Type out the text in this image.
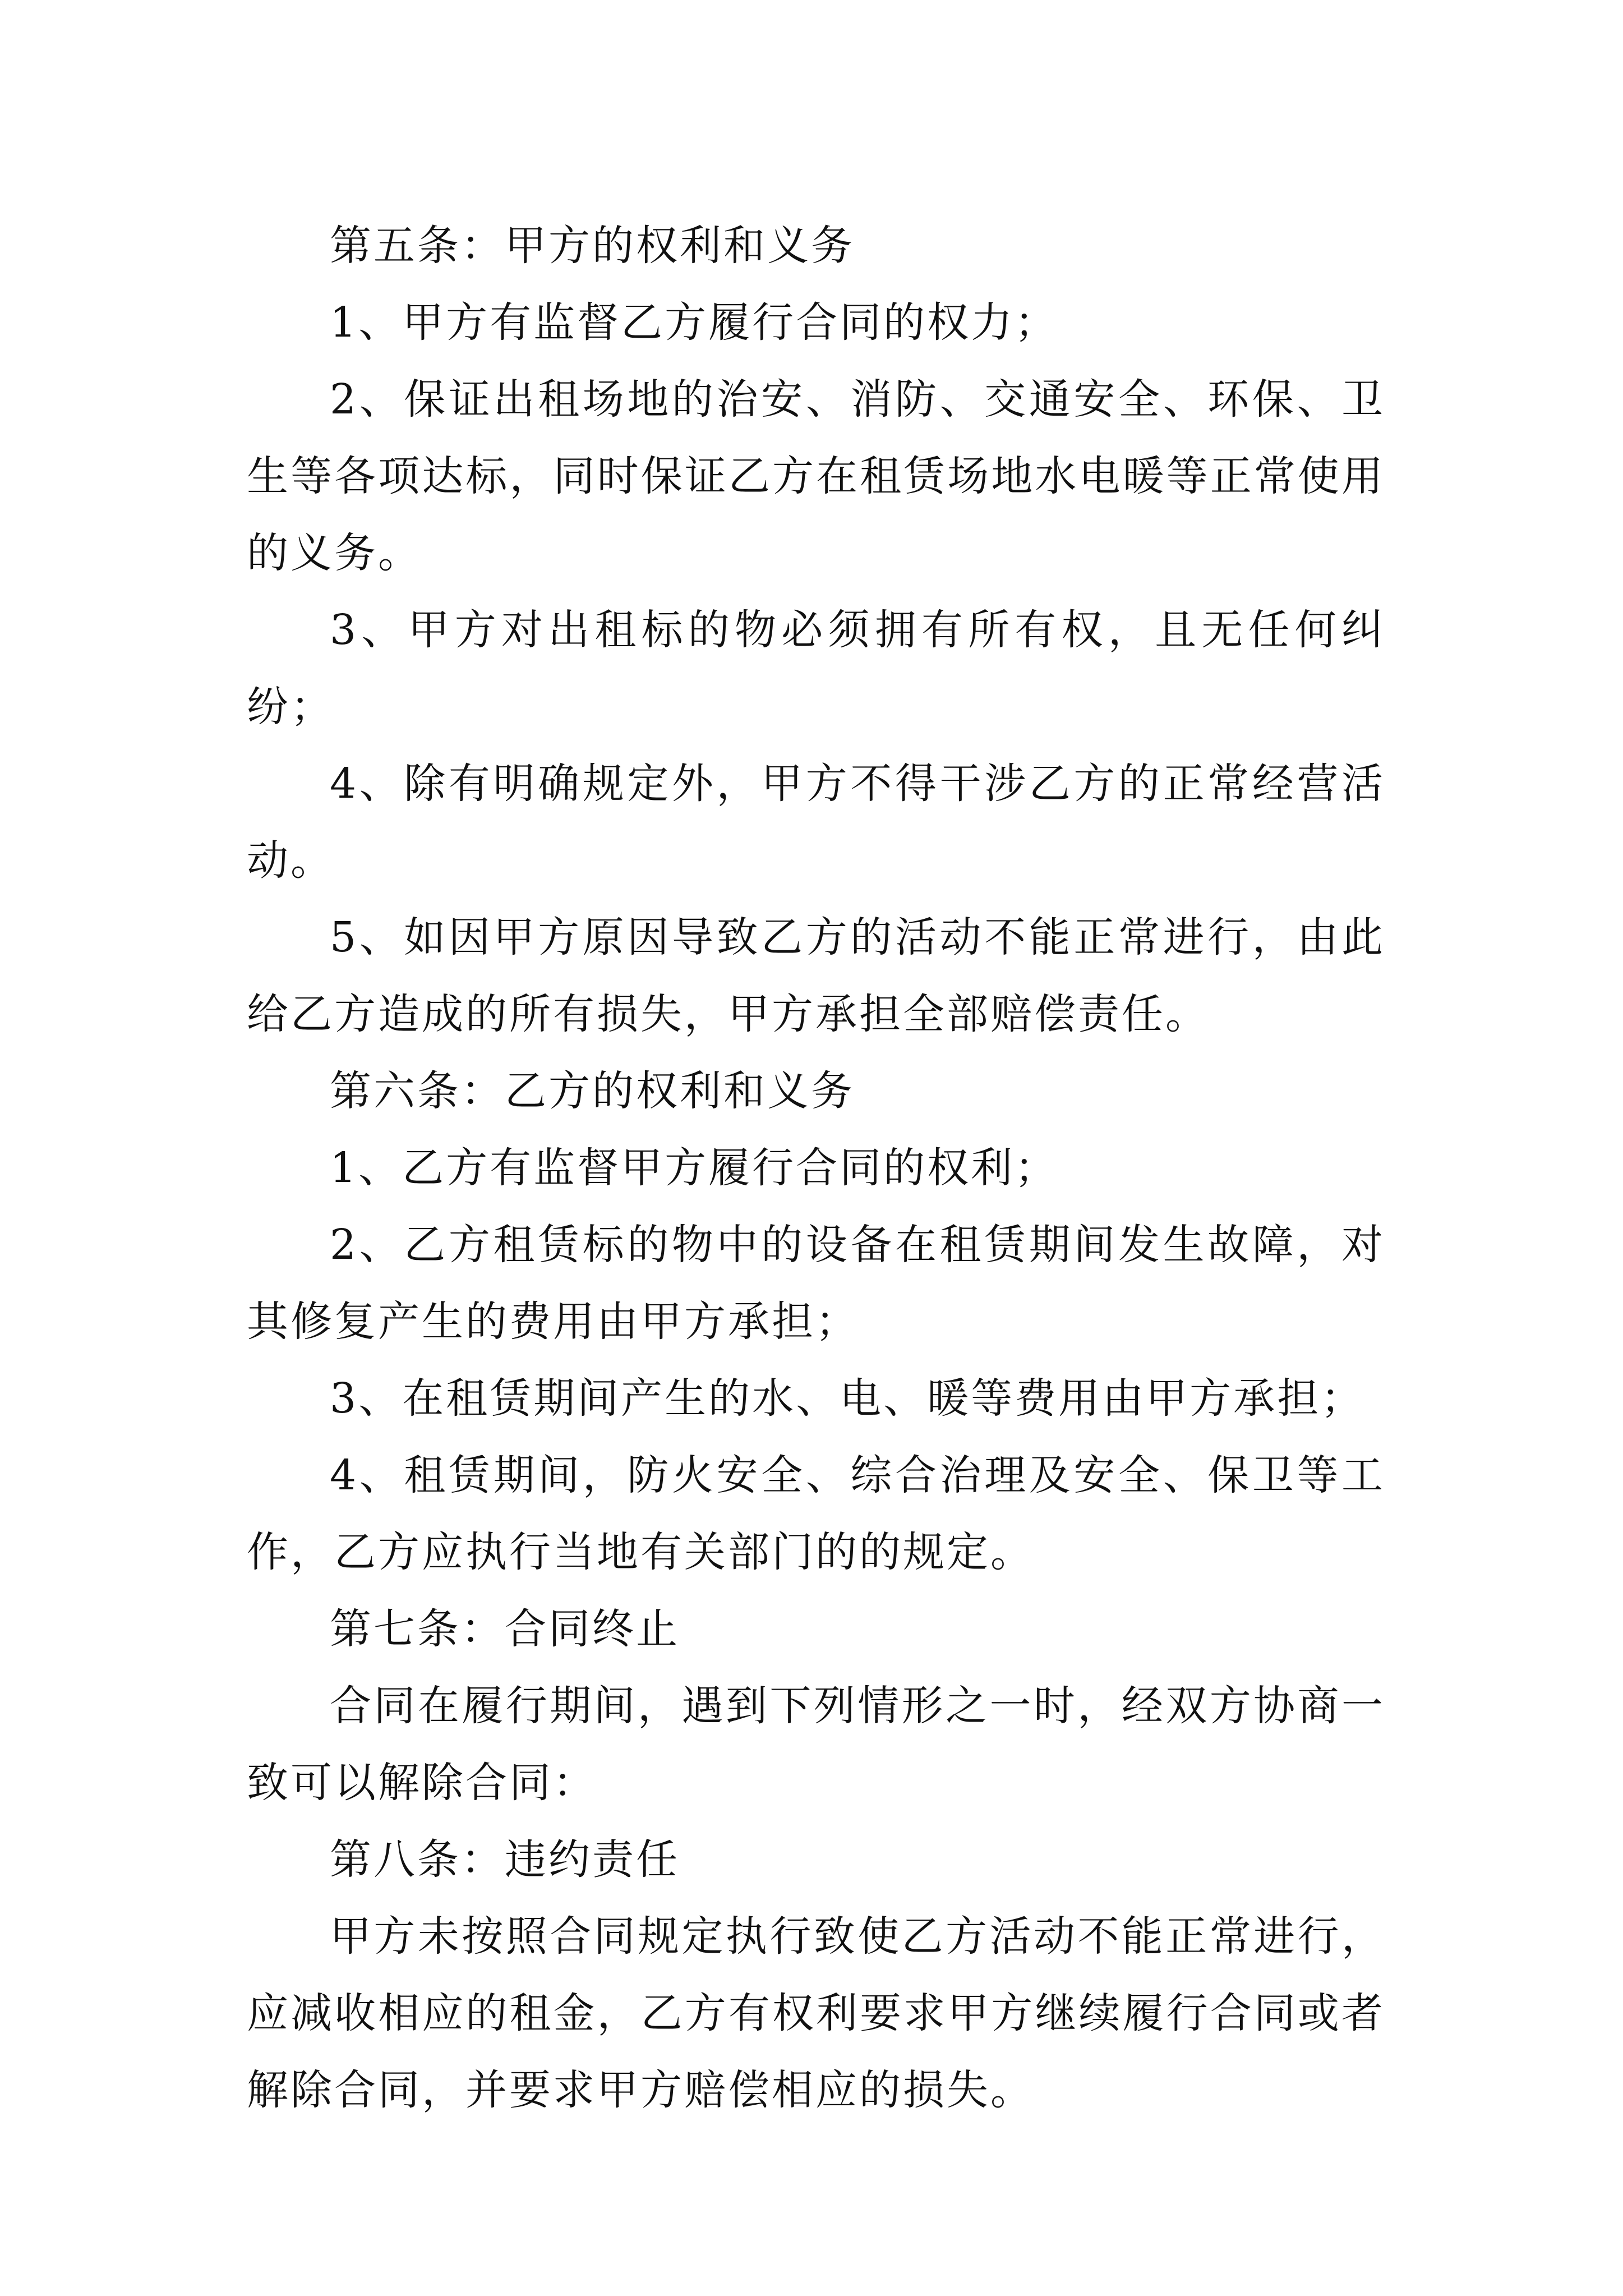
第五条：甲方的权利和义务

1、甲方有监督乙方履行合同的权力；

2、保证出租场地的治安、消防、交通安全、环保、卫生等各项达标，同时保证乙方在租赁场地水电暖等正常使用的义务。

3、甲方对出租标的物必须拥有所有权，且无任何纠纷；

4、除有明确规定外，甲方不得干涉乙方的正常经营活动。

5、如因甲方原因导致乙方的活动不能正常进行，由此给乙方造成的所有损失，甲方承担全部赔偿责任。

第六条：乙方的权利和义务

1、乙方有监督甲方履行合同的权利；

2、乙方租赁标的物中的设备在租赁期间发生故障，对其修复产生的费用由甲方承担；

3、在租赁期间产生的水、电、暖等费用由甲方承担；

4、租赁期间，防火安全、综合治理及安全、保卫等工作，乙方应执行当地有关部门的的规定。

第七条：合同终止

合同在履行期间，遇到下列情形之一时，经双方协商一致可以解除合同：

第八条：违约责任

甲方未按照合同规定执行致使乙方活动不能正常进行，应减收相应的租金，乙方有权利要求甲方继续履行合同或者解除合同，并要求甲方赔偿相应的损失。
